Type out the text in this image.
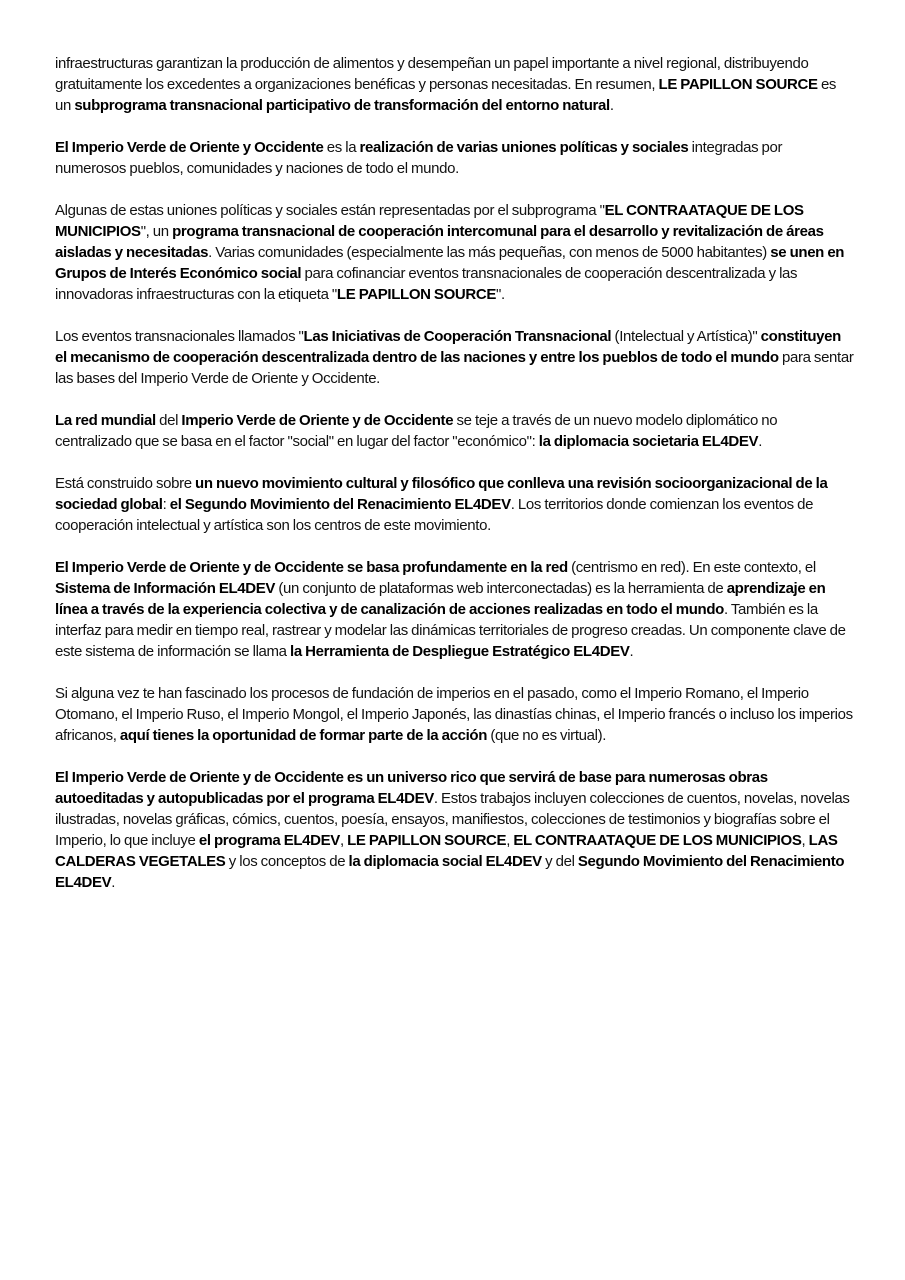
infraestructuras garantizan la producción de alimentos y desempeñan un papel importante a nivel regional, distribuyendo gratuitamente los excedentes a organizaciones benéficas y personas necesitadas. En resumen, LE PAPILLON SOURCE es un subprograma transnacional participativo de transformación del entorno natural.

El Imperio Verde de Oriente y Occidente es la realización de varias uniones políticas y sociales integradas por numerosos pueblos, comunidades y naciones de todo el mundo.

Algunas de estas uniones políticas y sociales están representadas por el subprograma "EL CONTRAATAQUE DE LOS MUNICIPIOS", un programa transnacional de cooperación intercomunal para el desarrollo y revitalización de áreas aisladas y necesitadas. Varias comunidades (especialmente las más pequeñas, con menos de 5000 habitantes) se unen en Grupos de Interés Económico social para cofinanciar eventos transnacionales de cooperación descentralizada y las innovadoras infraestructuras con la etiqueta "LE PAPILLON SOURCE".

Los eventos transnacionales llamados "Las Iniciativas de Cooperación Transnacional (Intelectual y Artística)" constituyen el mecanismo de cooperación descentralizada dentro de las naciones y entre los pueblos de todo el mundo para sentar las bases del Imperio Verde de Oriente y Occidente.

La red mundial del Imperio Verde de Oriente y de Occidente se teje a través de un nuevo modelo diplomático no centralizado que se basa en el factor "social" en lugar del factor "económico": la diplomacia societaria EL4DEV.

Está construido sobre un nuevo movimiento cultural y filosófico que conlleva una revisión socioorganizacional de la sociedad global: el Segundo Movimiento del Renacimiento EL4DEV. Los territorios donde comienzan los eventos de cooperación intelectual y artística son los centros de este movimiento.

El Imperio Verde de Oriente y de Occidente se basa profundamente en la red (centrismo en red). En este contexto, el Sistema de Información EL4DEV (un conjunto de plataformas web interconectadas) es la herramienta de aprendizaje en línea a través de la experiencia colectiva y de canalización de acciones realizadas en todo el mundo. También es la interfaz para medir en tiempo real, rastrear y modelar las dinámicas territoriales de progreso creadas. Un componente clave de este sistema de información se llama la Herramienta de Despliegue Estratégico EL4DEV.

Si alguna vez te han fascinado los procesos de fundación de imperios en el pasado, como el Imperio Romano, el Imperio Otomano, el Imperio Ruso, el Imperio Mongol, el Imperio Japonés, las dinastías chinas, el Imperio francés o incluso los imperios africanos, aquí tienes la oportunidad de formar parte de la acción (que no es virtual).

El Imperio Verde de Oriente y de Occidente es un universo rico que servirá de base para numerosas obras autoeditadas y autopublicadas por el programa EL4DEV. Estos trabajos incluyen colecciones de cuentos, novelas, novelas ilustradas, novelas gráficas, cómics, cuentos, poesía, ensayos, manifiestos, colecciones de testimonios y biografías sobre el Imperio, lo que incluye el programa EL4DEV, LE PAPILLON SOURCE, EL CONTRAATAQUE DE LOS MUNICIPIOS, LAS CALDERAS VEGETALES y los conceptos de la diplomacia social EL4DEV y del Segundo Movimiento del Renacimiento EL4DEV.
